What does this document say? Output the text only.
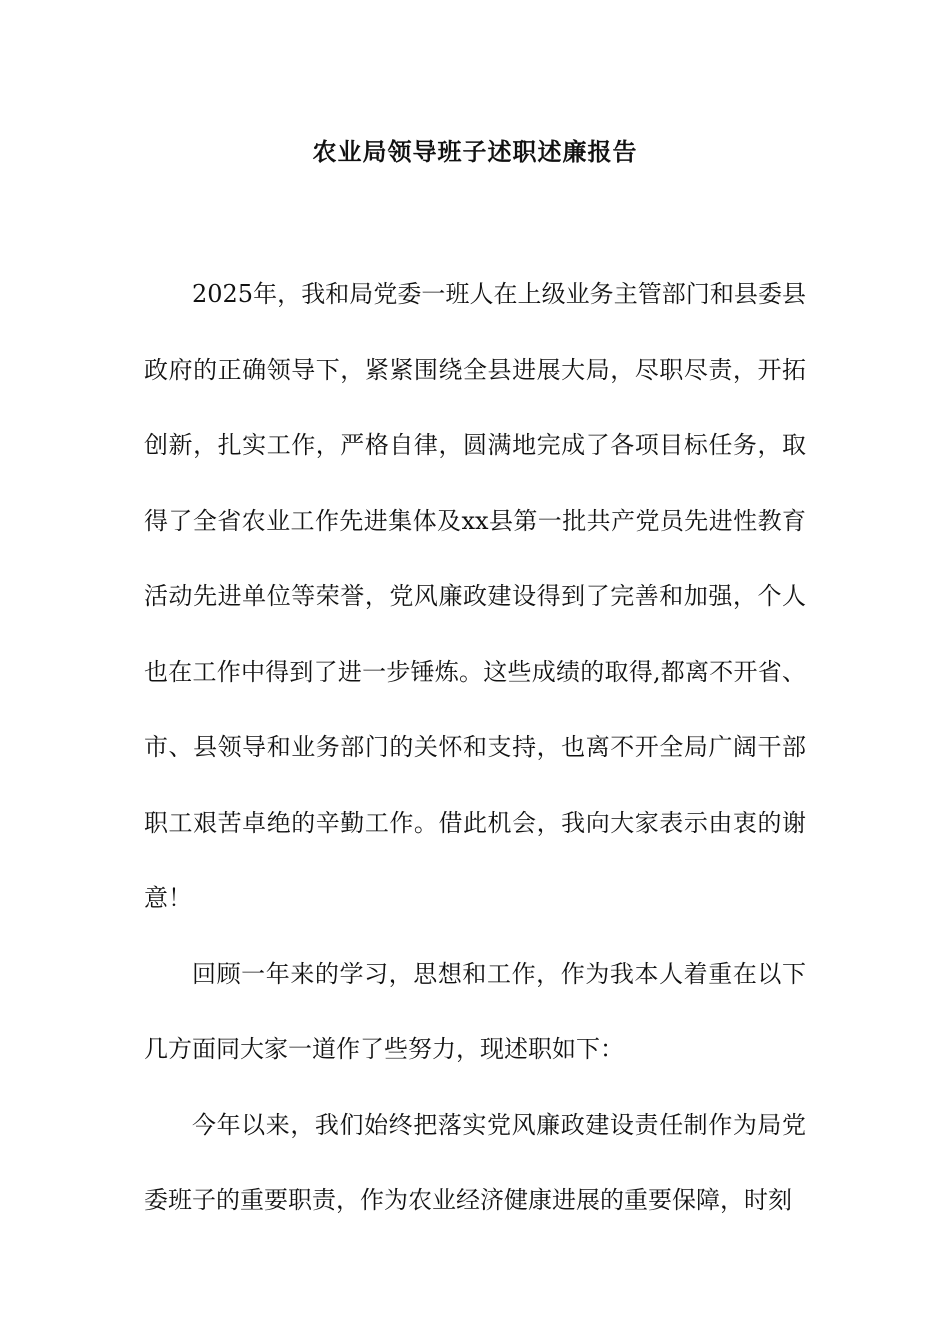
农业局领导班子述职述廉报告

2025年，我和局党委一班人在上级业务主管部门和县委县政府的正确领导下，紧紧围绕全县进展大局，尽职尽责，开拓创新，扎实工作，严格自律，圆满地完成了各项目标任务，取得了全省农业工作先进集体及xx县第一批共产党员先进性教育活动先进单位等荣誉，党风廉政建设得到了完善和加强，个人也在工作中得到了进一步锤炼。这些成绩的取得,都离不开省、市、县领导和业务部门的关怀和支持，也离不开全局广阔干部职工艰苦卓绝的辛勤工作。借此机会，我向大家表示由衷的谢意！

回顾一年来的学习，思想和工作，作为我本人着重在以下几方面同大家一道作了些努力，现述职如下：

今年以来，我们始终把落实党风廉政建设责任制作为局党委班子的重要职责，作为农业经济健康进展的重要保障，时刻
